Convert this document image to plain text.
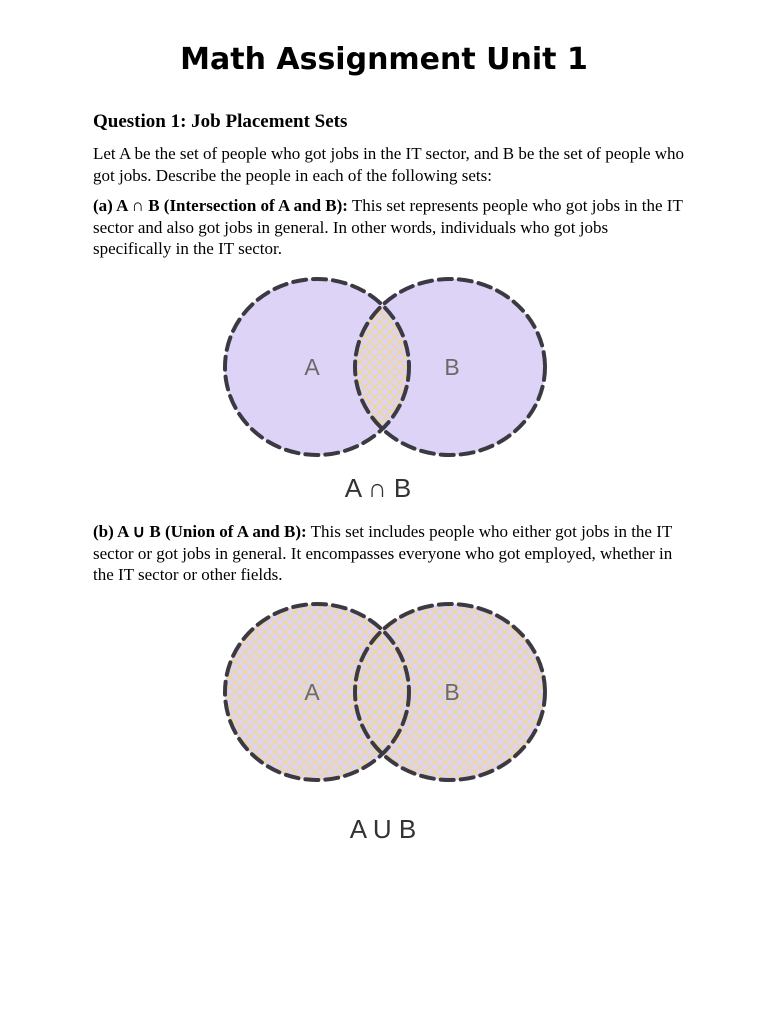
Math Assignment Unit 1
Question 1: Job Placement Sets

Let A be the set of people who got jobs in the IT sector, and B be the set of people who got jobs. Describe the people in each of the following sets:

(a) A ∩ B (Intersection of A and B): This set represents people who got jobs in the IT sector and also got jobs in general. In other words, individuals who got jobs specifically in the IT sector.

A	B
A ∩ B

(b) A ∪ B (Union of A and B): This set includes people who either got jobs in the IT sector or got jobs in general. It encompasses everyone who got employed, whether in the IT sector or other fields.

A	B
A U B
